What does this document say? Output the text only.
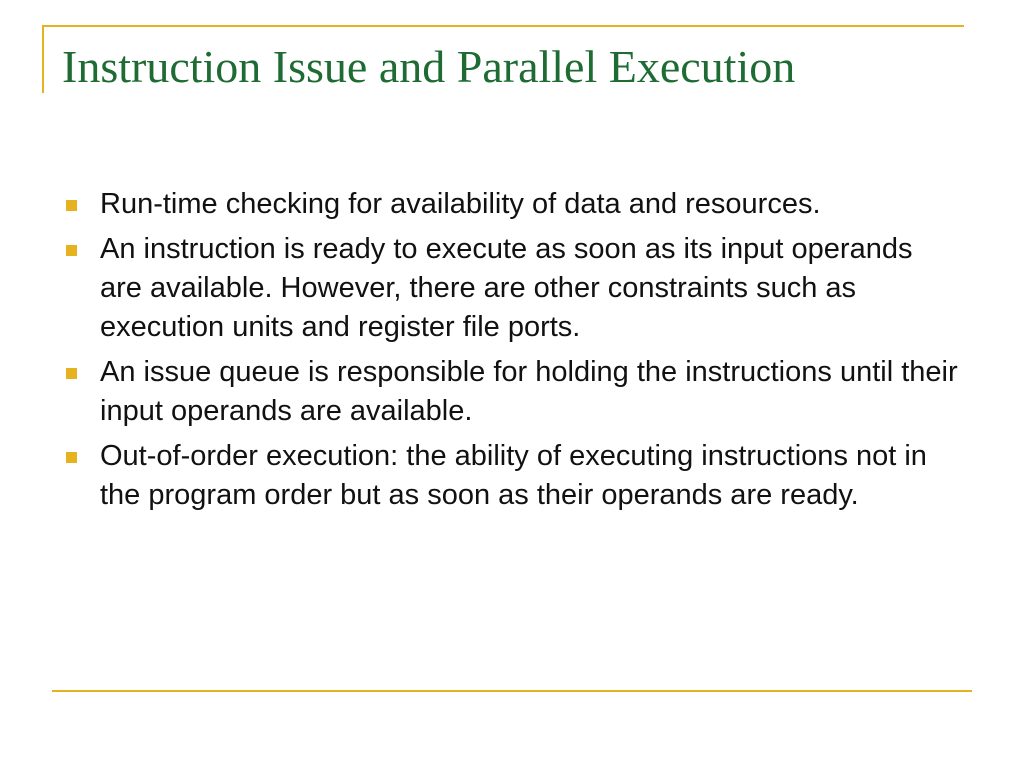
Instruction Issue and Parallel Execution
Run-time checking for availability of data and resources.
An instruction is ready to execute as soon as its input operands are available. However, there are other constraints such as execution units and register file ports.
An issue queue is responsible for holding the instructions until their input operands are available.
Out-of-order execution: the ability of executing instructions not in the program order but as soon as their operands are ready.
